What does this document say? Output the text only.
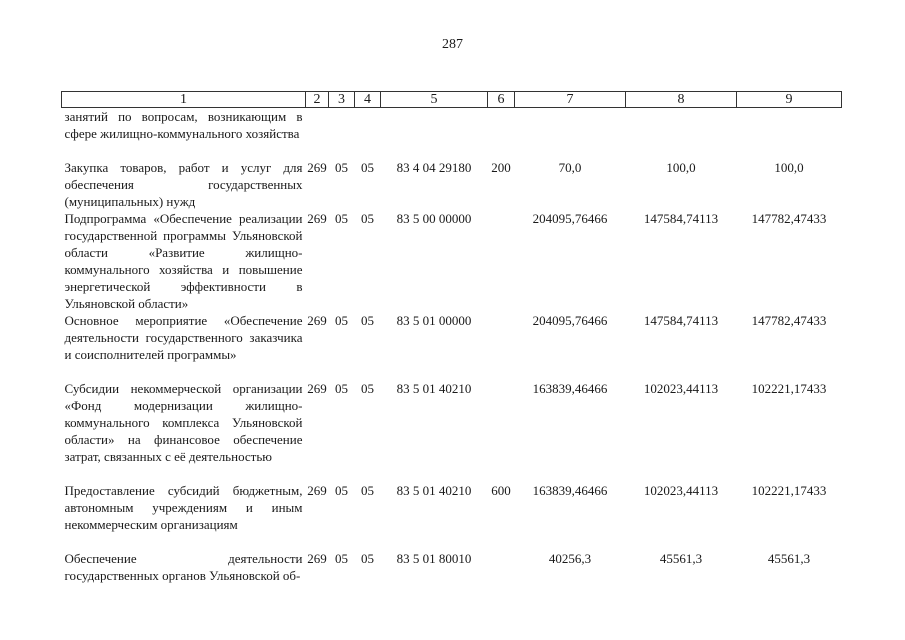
287
1	2	3	4	5	6	7	8	9
занятий по вопросам, возникающим в сфере жилищно-коммунального хозяйства								
Закупка товаров, работ и услуг для обеспечения государственных (муниципальных) нужд	269	05	05	83 4 04 29180	200	70,0	100,0	100,0
Подпрограмма «Обеспечение реализации государственной программы Ульяновской области «Развитие жилищно-коммунального хозяйства и повышение энергетической эффективности в Ульяновской области»	269	05	05	83 5 00 00000		204095,76466	147584,74113	147782,47433
Основное мероприятие «Обеспечение деятельности государственного заказчика и соисполнителей программы»	269	05	05	83 5 01 00000		204095,76466	147584,74113	147782,47433
Субсидии некоммерческой организации «Фонд модернизации жилищно-коммунального комплекса Ульяновской области» на финансовое обеспечение затрат, связанных с её деятельностью	269	05	05	83 5 01 40210		163839,46466	102023,44113	102221,17433
Предоставление субсидий бюджетным, автономным учреждениям и иным некоммерческим организациям	269	05	05	83 5 01 40210	600	163839,46466	102023,44113	102221,17433
Обеспечение деятельности государственных органов Ульяновской об-	269	05	05	83 5 01 80010		40256,3	45561,3	45561,3
